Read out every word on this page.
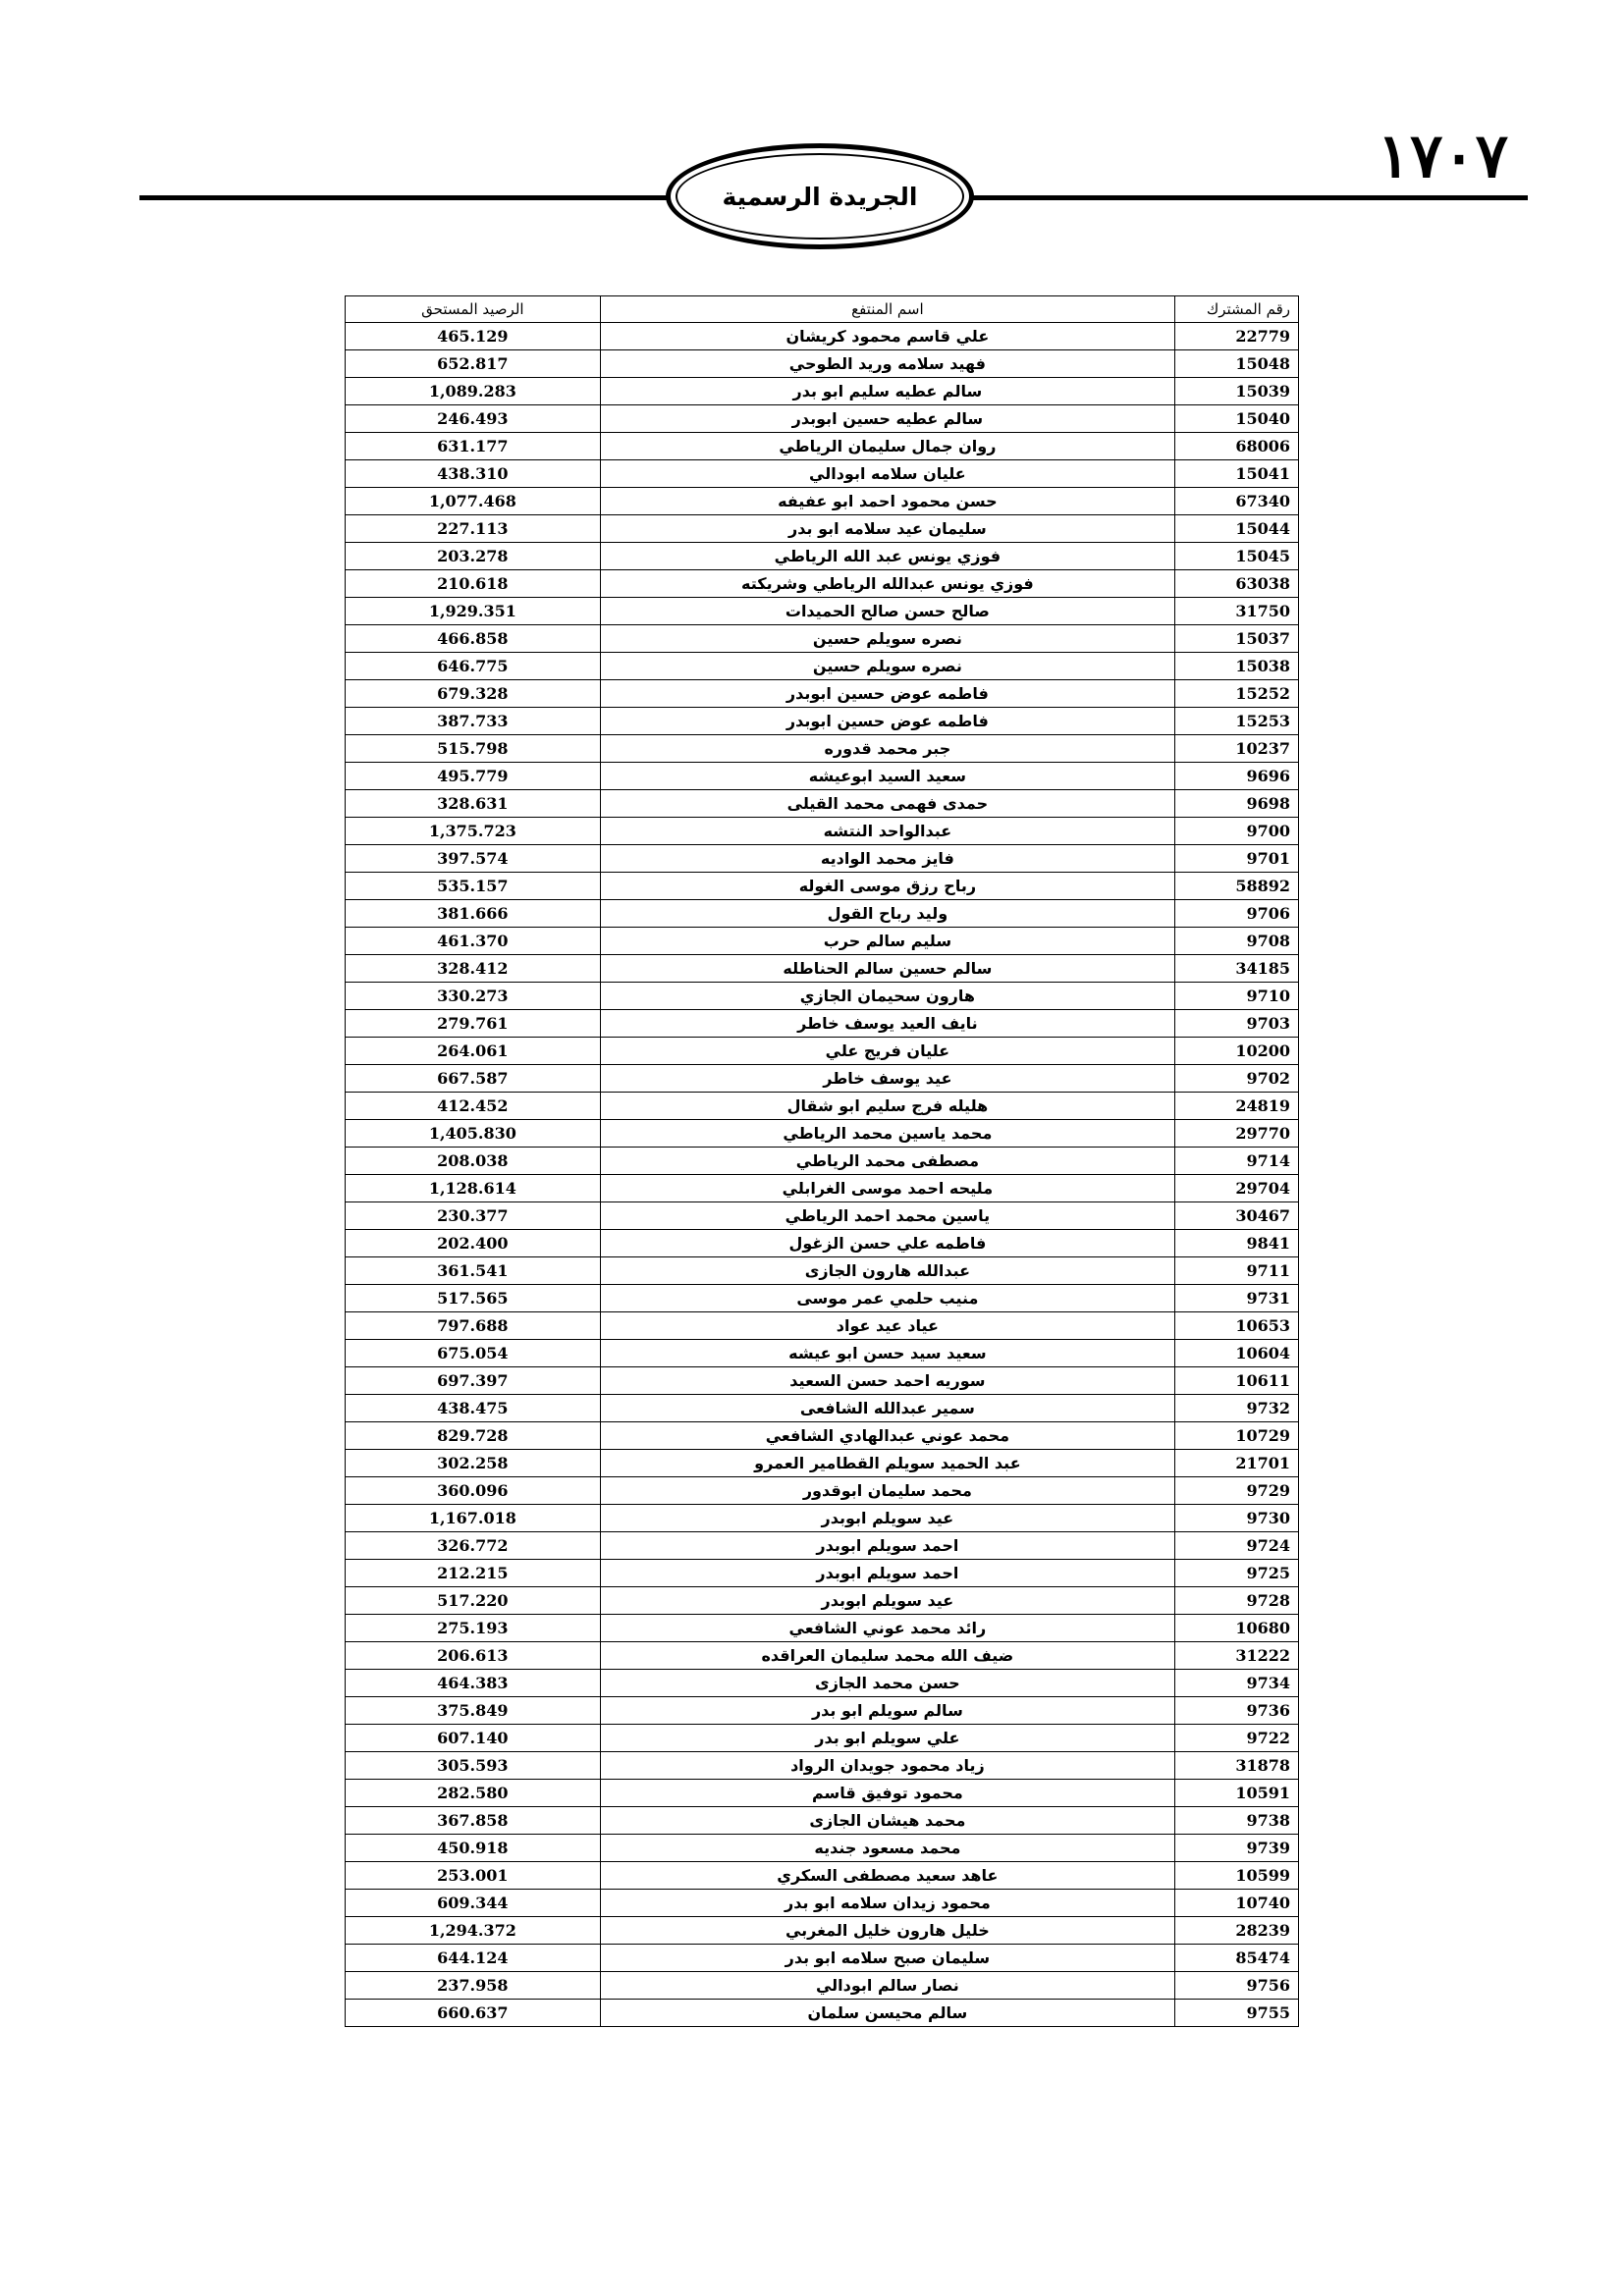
١٧٠٧
الجريدة الرسمية
رقم المشترك	اسم المنتفع	الرصيد المستحق
22779	علي قاسم محمود كريشان	465.129
15048	فهيد سلامه وريد الطوحي	652.817
15039	سالم عطيه سليم ابو بدر	1,089.283
15040	سالم عطيه حسين ابوبدر	246.493
68006	روان جمال سليمان الرياطي	631.177
15041	عليان سلامه ابودالي	438.310
67340	حسن محمود احمد ابو عفيفه	1,077.468
15044	سليمان عيد سلامه ابو بدر	227.113
15045	فوزي يونس عبد الله الرياطي	203.278
63038	فوزي يونس عبدالله الرياطي وشريكته	210.618
31750	صالح حسن صالح الحميدات	1,929.351
15037	نصره سويلم حسين	466.858
15038	نصره سويلم حسين	646.775
15252	فاطمه عوض حسين ابوبدر	679.328
15253	فاطمه عوض حسين ابوبدر	387.733
10237	جبر محمد قدوره	515.798
9696	سعيد السيد ابوعيشه	495.779
9698	حمدى فهمى محمد القيلى	328.631
9700	عبدالواحد النتشه	1,375.723
9701	فايز محمد الواديه	397.574
58892	رباح رزق موسى الغوله	535.157
9706	وليد رباح القول	381.666
9708	سليم سالم حرب	461.370
34185	سالم حسين سالم الحناطله	328.412
9710	هارون سحيمان الجازي	330.273
9703	نايف العيد يوسف خاطر	279.761
10200	عليان فريج علي	264.061
9702	عيد يوسف خاطر	667.587
24819	هليله فرج سليم ابو شقال	412.452
29770	محمد ياسين محمد الرياطي	1,405.830
9714	مصطفى محمد الرياطي	208.038
29704	مليحه احمد موسى الغرابلي	1,128.614
30467	ياسين محمد احمد الرياطي	230.377
9841	فاطمه علي حسن الزغول	202.400
9711	عبدالله هارون الجازى	361.541
9731	منيب حلمي عمر موسى	517.565
10653	عياد عيد عواد	797.688
10604	سعيد سيد حسن ابو عيشه	675.054
10611	سوريه احمد حسن السعيد	697.397
9732	سمير عبدالله الشافعى	438.475
10729	محمد عوني عبدالهادي الشافعي	829.728
21701	عبد الحميد سويلم القطامير العمرو	302.258
9729	محمد سليمان ابوقدور	360.096
9730	عيد سويلم ابوبدر	1,167.018
9724	احمد سويلم ابوبدر	326.772
9725	احمد سويلم ابوبدر	212.215
9728	عيد سويلم ابوبدر	517.220
10680	رائد محمد عوني الشافعي	275.193
31222	ضيف الله محمد سليمان العراقده	206.613
9734	حسن محمد الجازى	464.383
9736	سالم سويلم ابو بدر	375.849
9722	علي سويلم ابو بدر	607.140
31878	زياد محمود جويدان الرواد	305.593
10591	محمود توفيق قاسم	282.580
9738	محمد هيشان الجازى	367.858
9739	محمد مسعود جنديه	450.918
10599	عاهد سعيد مصطفى السكري	253.001
10740	محمود زيدان سلامه ابو بدر	609.344
28239	خليل هارون خليل المغربي	1,294.372
85474	سليمان صبح سلامه ابو بدر	644.124
9756	نصار سالم ابودالي	237.958
9755	سالم محيسن سلمان	660.637
